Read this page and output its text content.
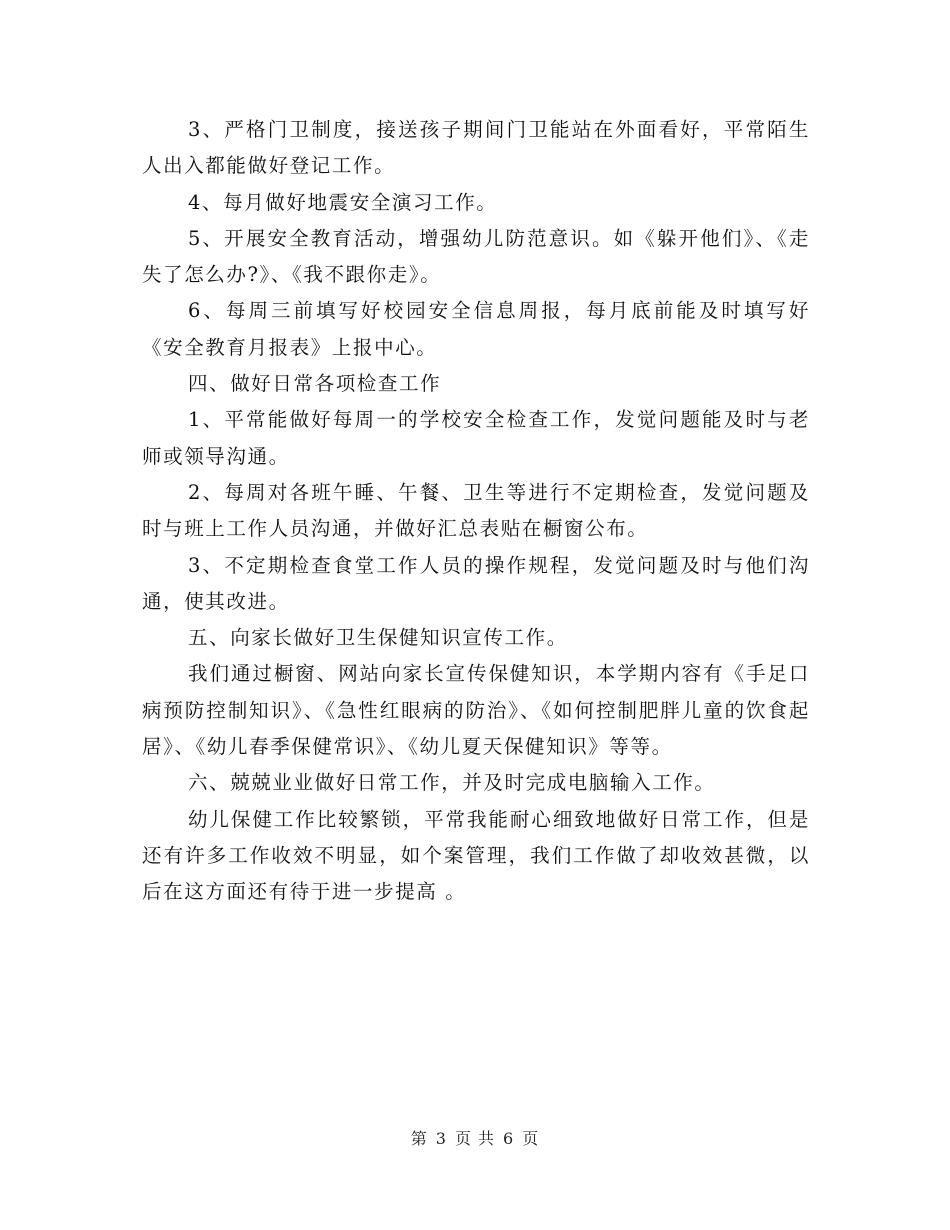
3、严格门卫制度，接送孩子期间门卫能站在外面看好，平常陌生人出入都能做好登记工作。

4、每月做好地震安全演习工作。

5、开展安全教育活动，增强幼儿防范意识。如《躲开他们》、《走失了怎么办?》、《我不跟你走》。

6、每周三前填写好校园安全信息周报，每月底前能及时填写好《安全教育月报表》上报中心。

四、做好日常各项检查工作

1、平常能做好每周一的学校安全检查工作，发觉问题能及时与老师或领导沟通。

2、每周对各班午睡、午餐、卫生等进行不定期检查，发觉问题及时与班上工作人员沟通，并做好汇总表贴在橱窗公布。

3、不定期检查食堂工作人员的操作规程，发觉问题及时与他们沟通，使其改进。

五、向家长做好卫生保健知识宣传工作。

我们通过橱窗、网站向家长宣传保健知识，本学期内容有《手足口病预防控制知识》、《急性红眼病的防治》、《如何控制肥胖儿童的饮食起居》、《幼儿春季保健常识》、《幼儿夏天保健知识》等等。

六、兢兢业业做好日常工作，并及时完成电脑输入工作。

幼儿保健工作比较繁锁，平常我能耐心细致地做好日常工作，但是还有许多工作收效不明显，如个案管理，我们工作做了却收效甚微，以后在这方面还有待于进一步提高 。

第 3 页 共 6 页
